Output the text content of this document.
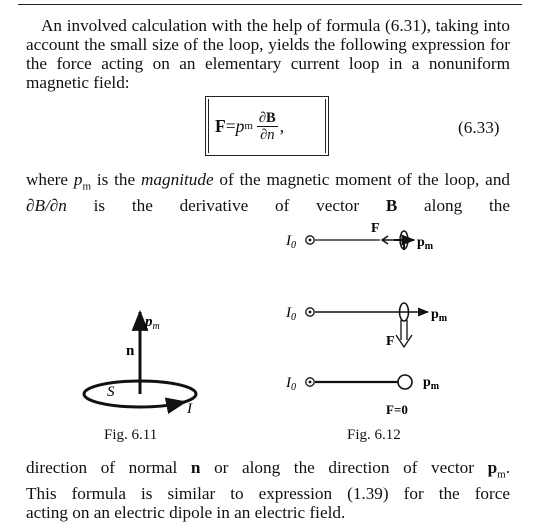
An involved calculation with the help of formula (6.31), taking into account the small size of the loop, yields the following expression for the force acting on an elementary current loop in a nonuniform magnetic field:
F = p m $\frac{\partial B}{\partial n}$ ,	(6.33)
where $p_m$ is the magnitude of the magnetic moment of the loop, and ∂B/∂n is the derivative of vector B along the
$p_m$
n
S
I
$I_0$
F
$p_m$
$I_0$
F
$p_m$
$I_0$	$p_m$
F=0
Fig. 6.11	Fig. 6.12
direction of normal n or along the direction of vector $p_m$.
This formula is similar to expression (1.39) for the force
acting on an electric dipole in an electric field.
